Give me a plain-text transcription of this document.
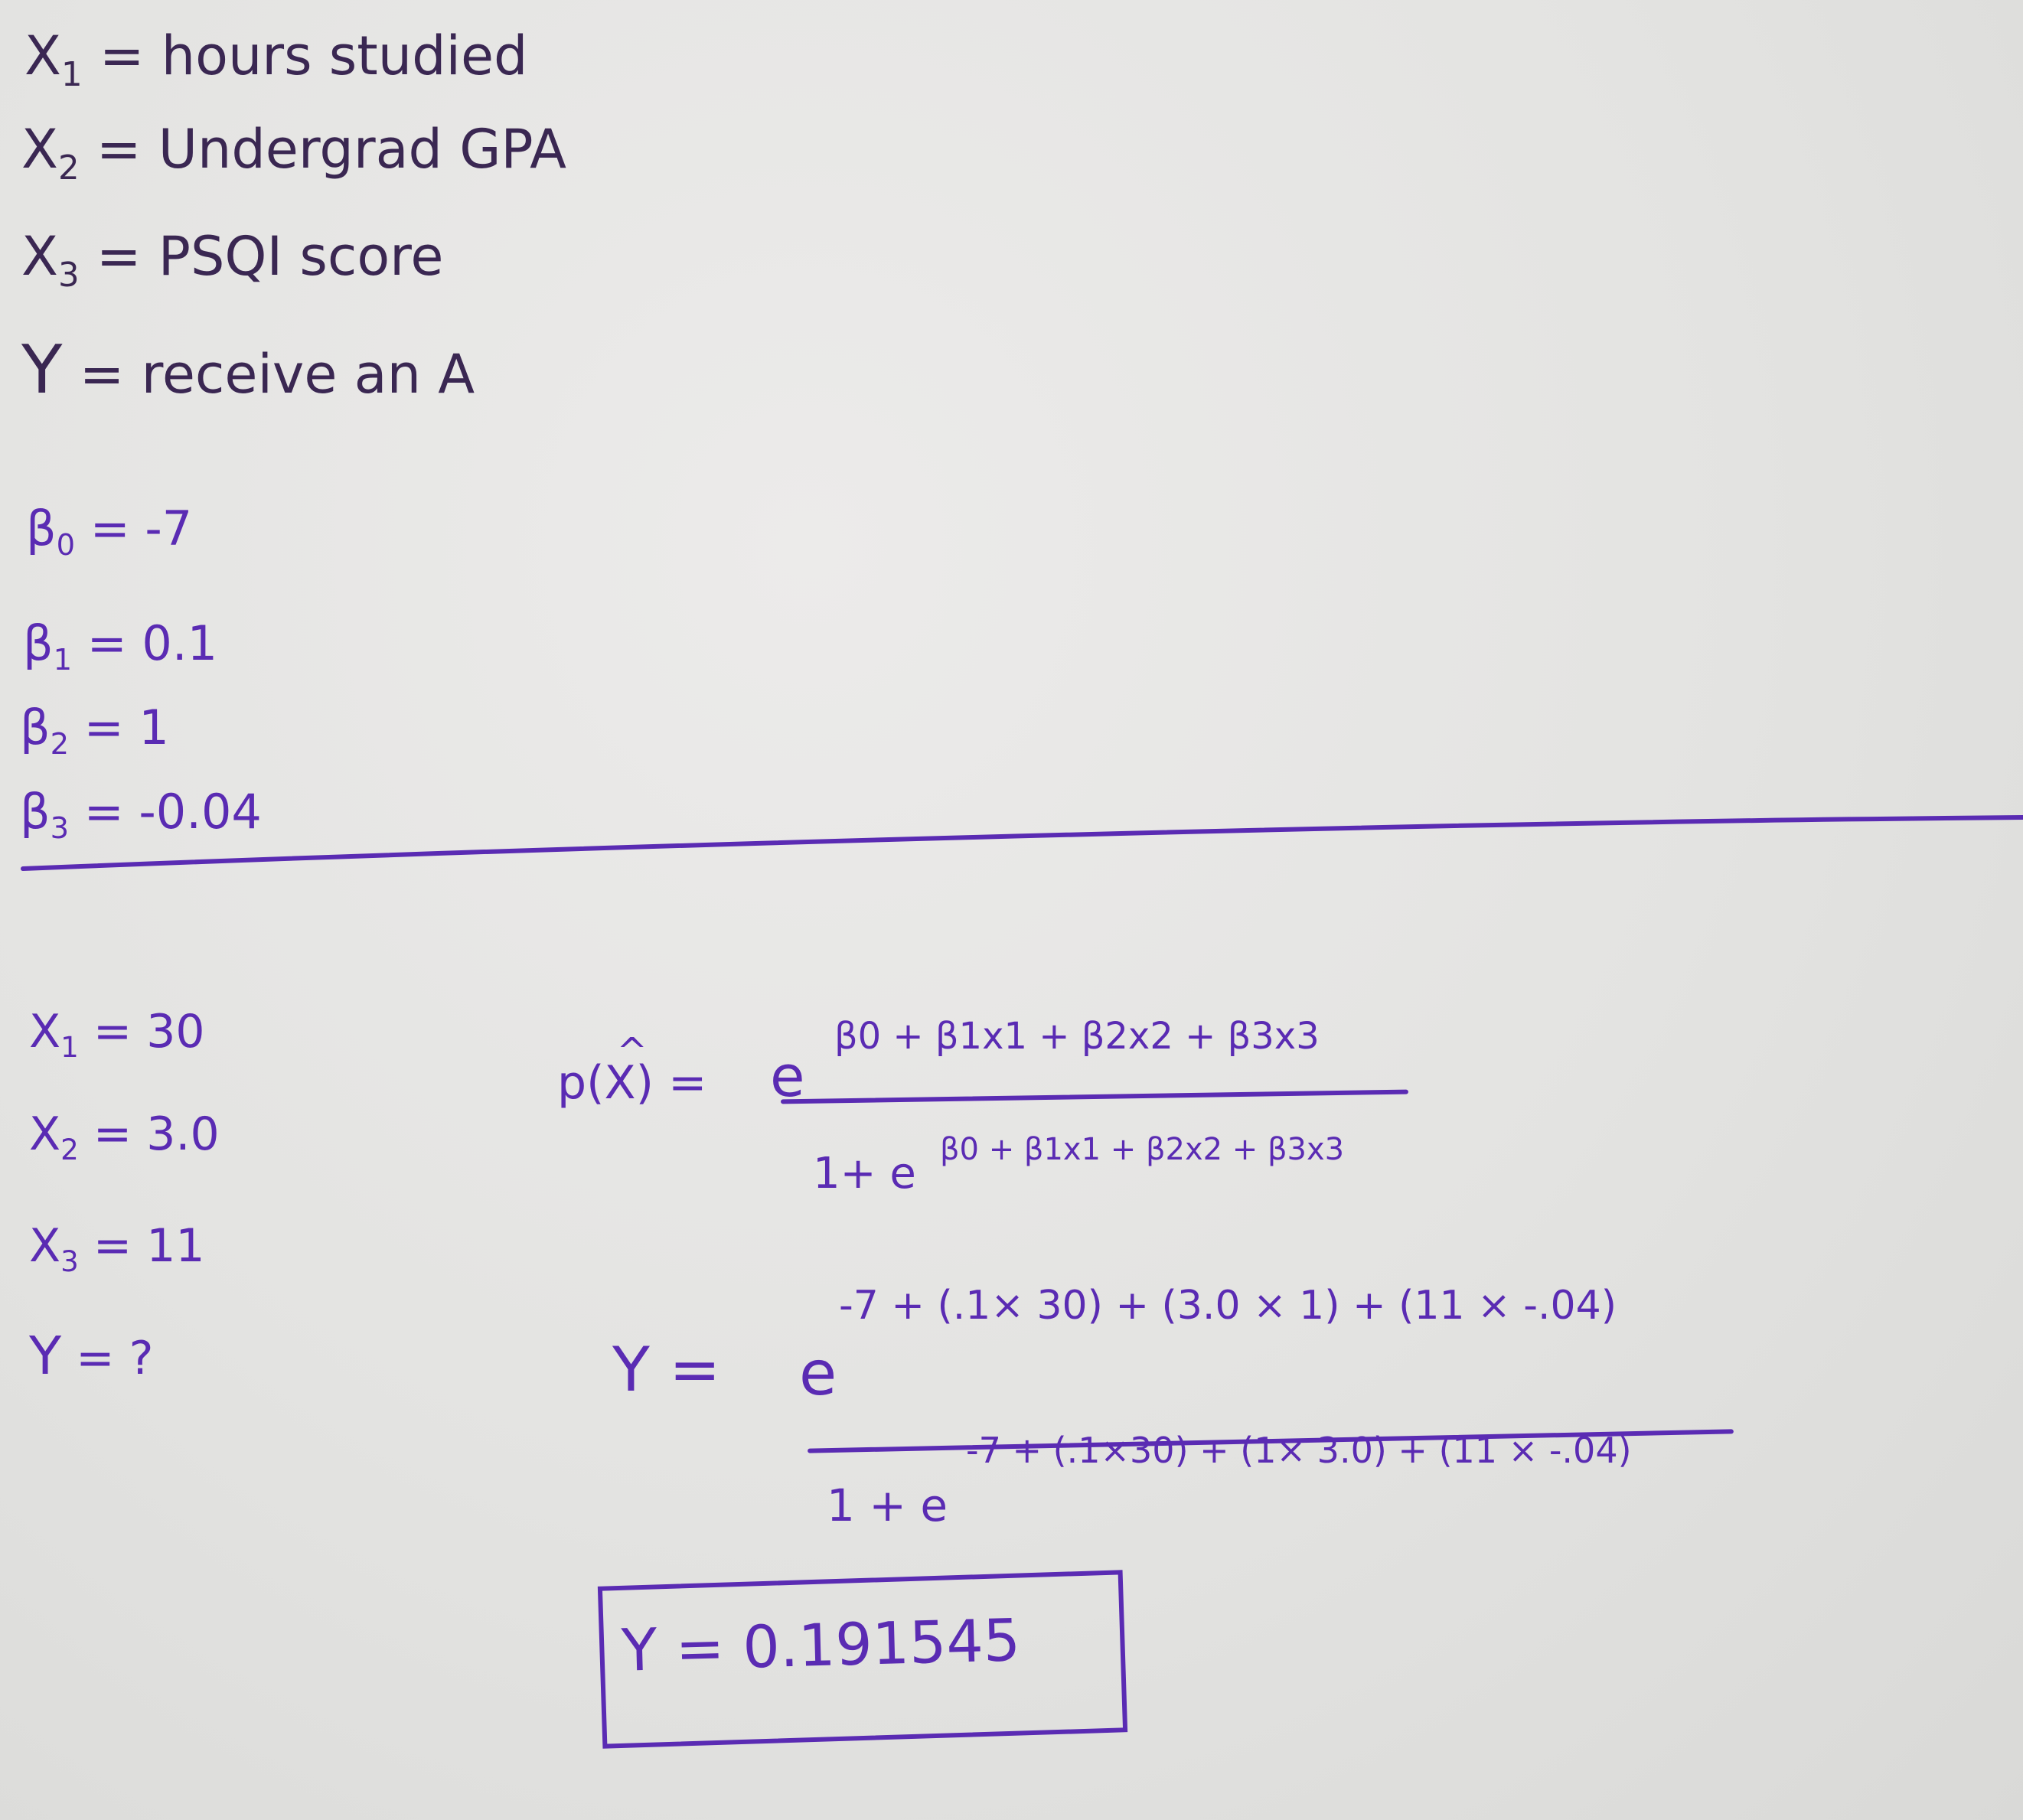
$X_1$ = hours studied
$X_2$ = Undergrad GPA
$X_3$ = PSQI score
Y = receive an A
$\beta_0 = -7$
$\beta_1 = 0.1$
$\beta_2 = 1$
$\beta_3 = -0.04$
$X_1 = 30$
$X_2 = 3.0$
$X_3 = 11$
Y = ?
^ p(X) = e
β0 + β1x1 + β2x2 + β3x3
1+ e β0 + β1x1 + β2x2 + β3x3
Y = e
-7 + (.1× 30) + (3.0 × 1) + (11 × -.04)
1 + e
-7 + (.1×30) + (1× 3.0) + (11 × -.04)
Y = 0.191545
